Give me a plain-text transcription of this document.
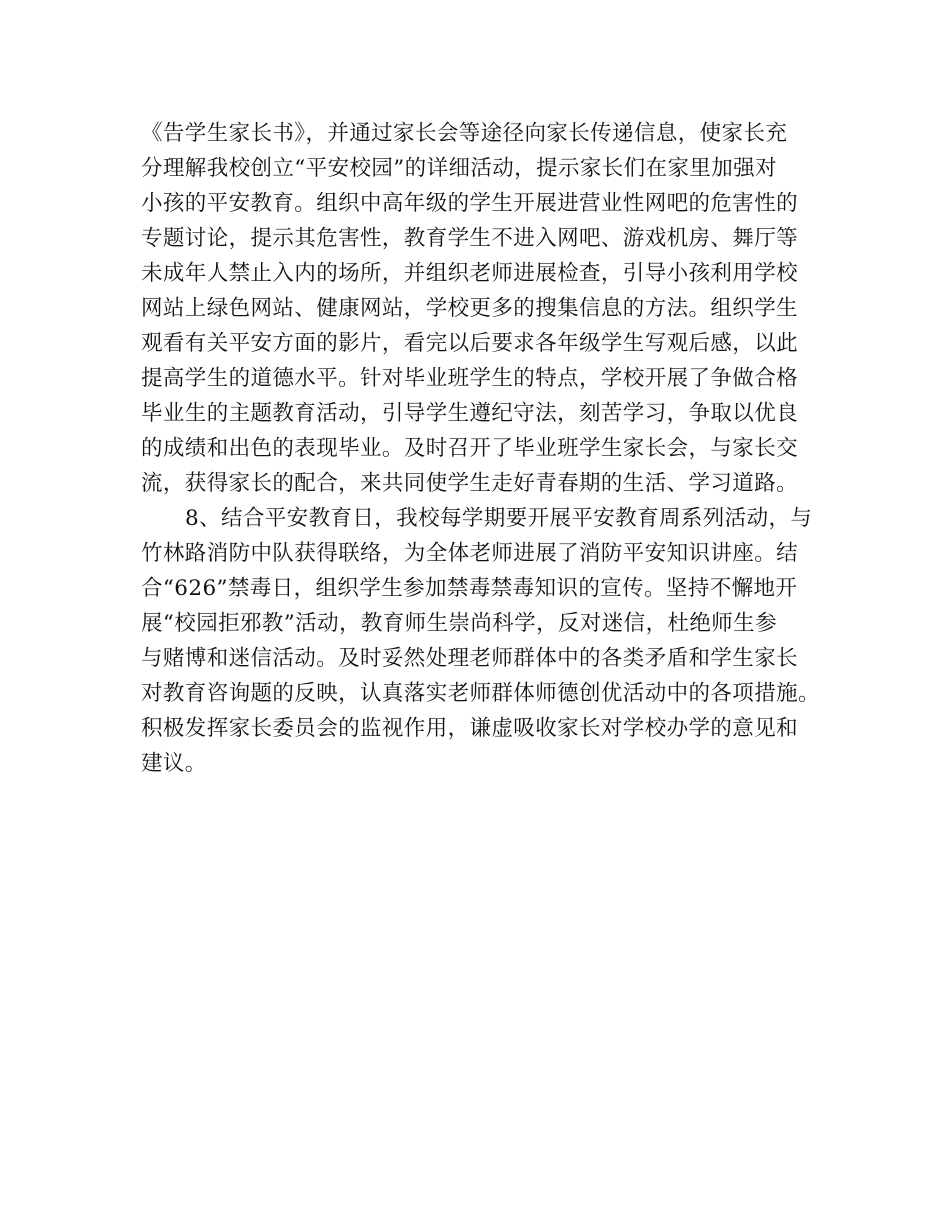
《告学生家长书》，并通过家长会等途径向家长传递信息，使家长充
分理解我校创立“平安校园”的详细活动，提示家长们在家里加强对
小孩的平安教育。组织中高年级的学生开展进营业性网吧的危害性的
专题讨论，提示其危害性，教育学生不进入网吧、游戏机房、舞厅等
未成年人禁止入内的场所，并组织老师进展检查，引导小孩利用学校
网站上绿色网站、健康网站，学校更多的搜集信息的方法。组织学生
观看有关平安方面的影片，看完以后要求各年级学生写观后感，以此
提高学生的道德水平。针对毕业班学生的特点，学校开展了争做合格
毕业生的主题教育活动，引导学生遵纪守法，刻苦学习，争取以优良
的成绩和出色的表现毕业。及时召开了毕业班学生家长会，与家长交
流，获得家长的配合，来共同使学生走好青春期的生活、学习道路。
8、结合平安教育日，我校每学期要开展平安教育周系列活动，与
竹林路消防中队获得联络，为全体老师进展了消防平安知识讲座。结
合“626”禁毒日，组织学生参加禁毒禁毒知识的宣传。坚持不懈地开
展“校园拒邪教”活动，教育师生崇尚科学，反对迷信，杜绝师生参
与赌博和迷信活动。及时妥然处理老师群体中的各类矛盾和学生家长
对教育咨询题的反映，认真落实老师群体师德创优活动中的各项措施。
积极发挥家长委员会的监视作用，谦虚吸收家长对学校办学的意见和
建议。
